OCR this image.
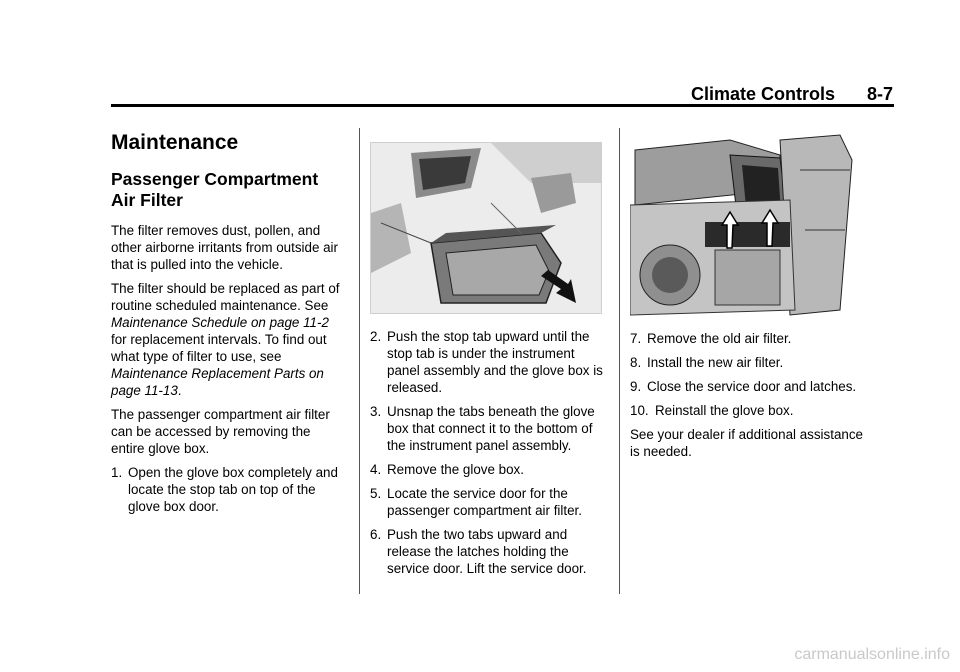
Climate Controls 8-7
Maintenance
Passenger Compartment
Air Filter

The filter removes dust, pollen, and other airborne irritants from outside air that is pulled into the vehicle.

The filter should be replaced as part of routine scheduled maintenance. See Maintenance Schedule on page 11-2 for replacement intervals. To find out what type of filter to use, see Maintenance Replacement Parts on page 11-13.

The passenger compartment air filter can be accessed by removing the entire glove box.

1. Open the glove box completely and locate the stop tab on top of the glove box door.
2. Push the stop tab upward until the stop tab is under the instrument panel assembly and the glove box is released.
3. Unsnap the tabs beneath the glove box that connect it to the bottom of the instrument panel assembly.
4. Remove the glove box.
5. Locate the service door for the passenger compartment air filter.
6. Push the two tabs upward and release the latches holding the service door. Lift the service door.
7. Remove the old air filter.
8. Install the new air filter.
9. Close the service door and latches.
10. Reinstall the glove box.

See your dealer if additional assistance is needed.

carmanualsonline.info
